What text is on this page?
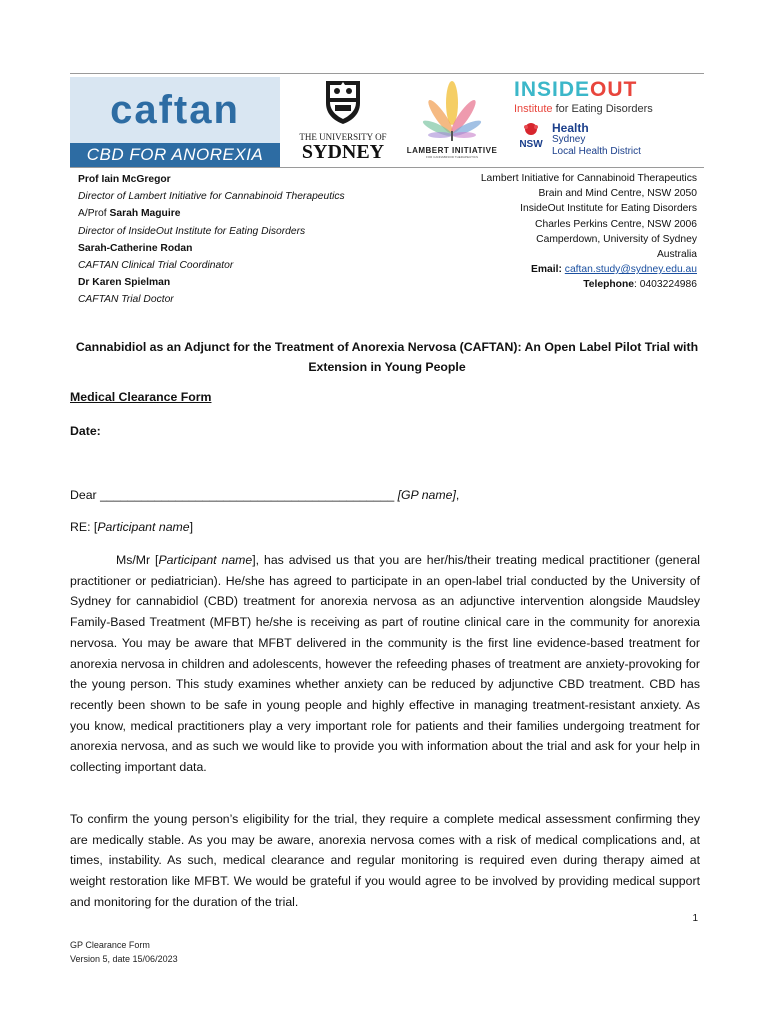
caftan
CBD FOR ANOREXIA
THE UNIVERSITY OF
SYDNEY	LAMBERT INITIATIVE
FOR CANNABINOID THERAPEUTICS
INSIDEOUT
Institute for Eating Disorders
NSW
Health
Sydney
Local Health District
Prof Iain McGregor
Director of Lambert Initiative for Cannabinoid Therapeutics
A/Prof Sarah Maguire
Director of InsideOut Institute for Eating Disorders
Sarah-Catherine Rodan
CAFTAN Clinical Trial Coordinator
Dr Karen Spielman
CAFTAN Trial Doctor
Lambert Initiative for Cannabinoid Therapeutics
Brain and Mind Centre, NSW 2050
InsideOut Institute for Eating Disorders
Charles Perkins Centre, NSW 2006
Camperdown, University of Sydney
Australia
Email: caftan.study@sydney.edu.au
Telephone: 0403224986
Cannabidiol as an Adjunct for the Treatment of Anorexia Nervosa (CAFTAN): An Open Label Pilot Trial with Extension in Young People
Medical Clearance Form
Date:
Dear ___________________________________________ [GP name],
RE: [Participant name]

Ms/Mr [Participant name], has advised us that you are her/his/their treating medical practitioner (general practitioner or pediatrician). He/she has agreed to participate in an open-label trial conducted by the University of Sydney for cannabidiol (CBD) treatment for anorexia nervosa as an adjunctive intervention alongside Maudsley Family-Based Treatment (MFBT) he/she is receiving as part of routine clinical care in the community for anorexia nervosa. You may be aware that MFBT delivered in the community is the first line evidence-based treatment for anorexia nervosa in children and adolescents, however the refeeding phases of treatment are anxiety-provoking for the young person. This study examines whether anxiety can be reduced by adjunctive CBD treatment. CBD has recently been shown to be safe in young people and highly effective in managing treatment-resistant anxiety. As you know, medical practitioners play a very important role for patients and their families undergoing treatment for anorexia nervosa, and as such we would like to provide you with information about the trial and ask for your help in collecting important data.

To confirm the young person’s eligibility for the trial, they require a complete medical assessment confirming they are medically stable. As you may be aware, anorexia nervosa comes with a risk of medical complications and, at times, instability. As such, medical clearance and regular monitoring is required even during therapy aimed at weight restoration like MFBT. We would be grateful if you would agree to be involved by providing medical support and monitoring for the duration of the trial.

1
GP Clearance Form
Version 5, date 15/06/2023
